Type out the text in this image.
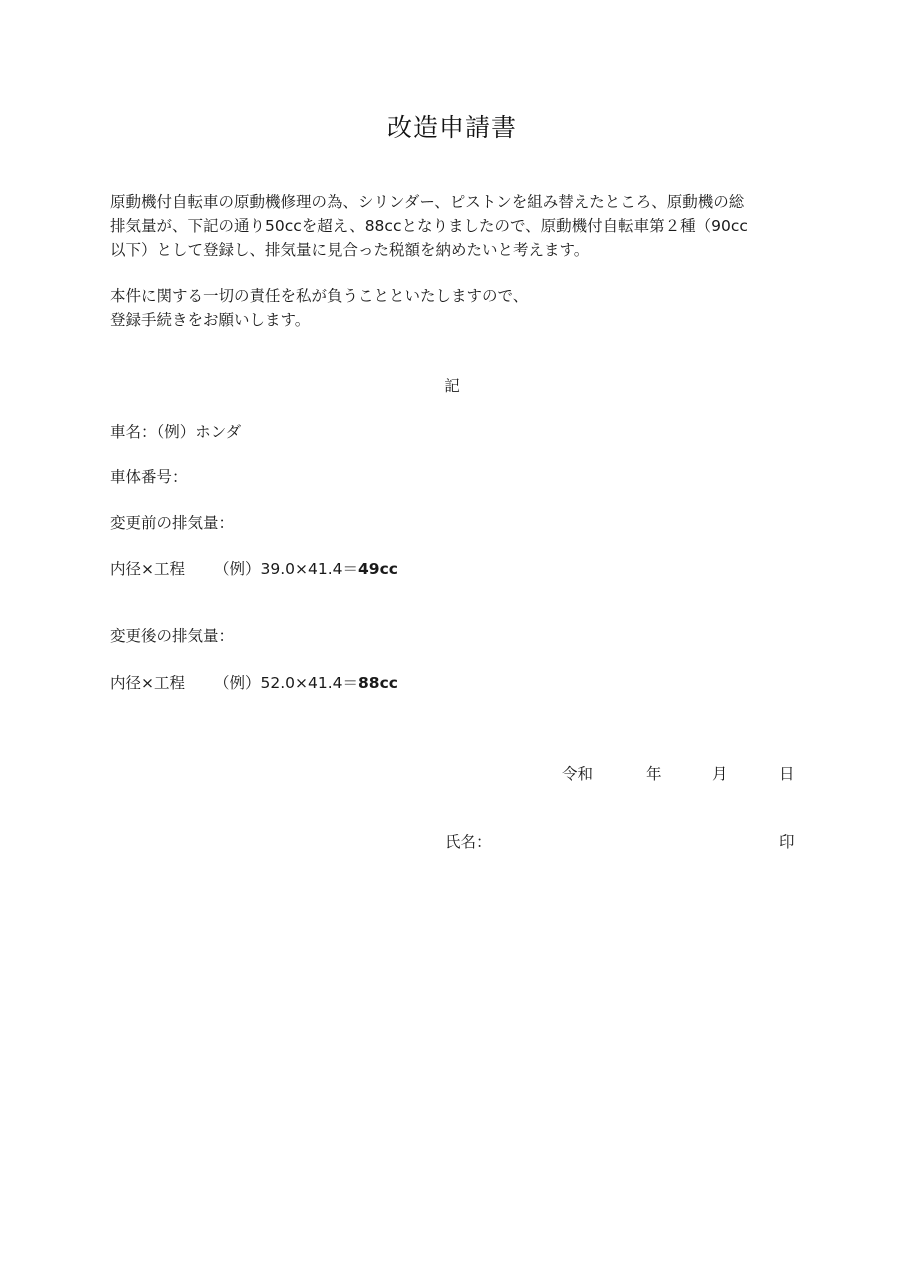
改造申請書
原動機付自転車の原動機修理の為、シリンダー、ピストンを組み替えたところ、原動機の総
排気量が、下記の通り50ccを超え、88ccとなりましたので、原動機付自転車第２種（90cc
以下）として登録し、排気量に見合った税額を納めたいと考えます。
本件に関する一切の責任を私が負うことといたしますので、
登録手続きをお願いします。
記
車名：（例）ホンダ
車体番号：
変更前の排気量：
内径×工程 （例）39.0×41.4＝49cc
変更後の排気量：
内径×工程 （例）52.0×41.4＝88cc
令和	年	月	日
氏名：	印
